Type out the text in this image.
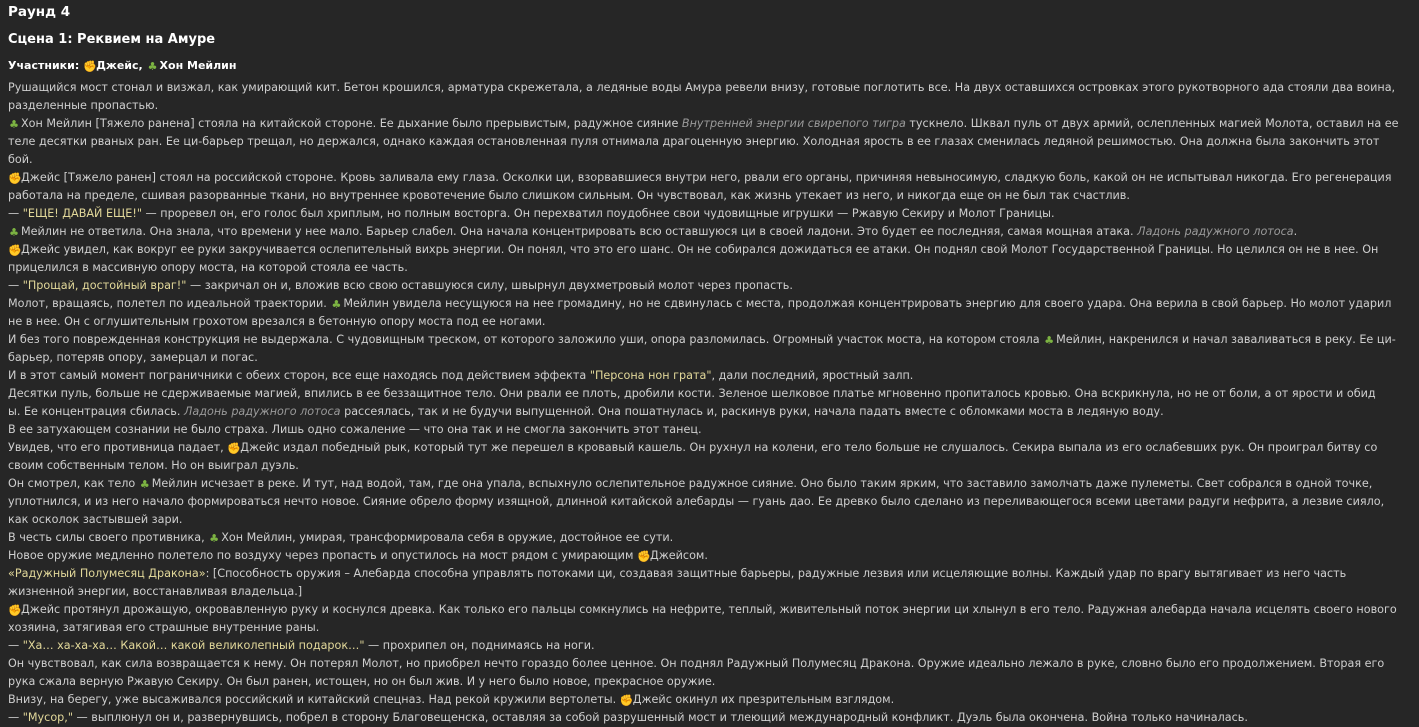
Раунд 4
Сцена 1: Реквием на Амуре
Участники: ✊Джейс, ♣ Хон Мейлин
Рушащийся мост стонал и визжал, как умирающий кит. Бетон крошился, арматура скрежетала, а ледяные воды Амура ревели внизу, готовые поглотить все. На двух оставшихся островках этого рукотворного ада стояли два воина, разделенные пропастью.
♣ Хон Мейлин [Тяжело ранена] стояла на китайской стороне. Ее дыхание было прерывистым, радужное сияние Внутренней энергии свирепого тигра тускнело. Шквал пуль от двух армий, ослепленных магией Молота, оставил на ее теле десятки рваных ран. Ее ци-барьер трещал, но держался, однако каждая остановленная пуля отнимала драгоценную энергию. Холодная ярость в ее глазах сменилась ледяной решимостью. Она должна была закончить этот бой.
✊Джейс [Тяжело ранен] стоял на российской стороне. Кровь заливала ему глаза. Осколки ци, взорвавшиеся внутри него, рвали его органы, причиняя невыносимую, сладкую боль, какой он не испытывал никогда. Его регенерация работала на пределе, сшивая разорванные ткани, но внутреннее кровотечение было слишком сильным. Он чувствовал, как жизнь утекает из него, и никогда еще он не был так счастлив.
— "ЕЩЕ! ДАВАЙ ЕЩЕ!" — проревел он, его голос был хриплым, но полным восторга. Он перехватил поудобнее свои чудовищные игрушки — Ржавую Секиру и Молот Границы.
♣ Мейлин не ответила. Она знала, что времени у нее мало. Барьер слабел. Она начала концентрировать всю оставшуюся ци в своей ладони. Это будет ее последняя, самая мощная атака. Ладонь радужного лотоса.
✊Джейс увидел, как вокруг ее руки закручивается ослепительный вихрь энергии. Он понял, что это его шанс. Он не собирался дожидаться ее атаки. Он поднял свой Молот Государственной Границы. Но целился он не в нее. Он прицелился в массивную опору моста, на которой стояла ее часть.
— "Прощай, достойный враг!" — закричал он и, вложив всю свою оставшуюся силу, швырнул двухметровый молот через пропасть.
Молот, вращаясь, полетел по идеальной траектории. ♣ Мейлин увидела несущуюся на нее громадину, но не сдвинулась с места, продолжая концентрировать энергию для своего удара. Она верила в свой барьер. Но молот ударил не в нее. Он с оглушительным грохотом врезался в бетонную опору моста под ее ногами.
И без того поврежденная конструкция не выдержала. С чудовищным треском, от которого заложило уши, опора разломилась. Огромный участок моста, на котором стояла ♣ Мейлин, накренился и начал заваливаться в реку. Ее ци-барьер, потеряв опору, замерцал и погас.
И в этот самый момент пограничники с обеих сторон, все еще находясь под действием эффекта "Персона нон грата", дали последний, яростный залп.
Десятки пуль, больше не сдерживаемые магией, впились в ее беззащитное тело. Они рвали ее плоть, дробили кости. Зеленое шелковое платье мгновенно пропиталось кровью. Она вскрикнула, но не от боли, а от ярости и обид
ы. Ее концентрация сбилась. Ладонь радужного лотоса рассеялась, так и не будучи выпущенной. Она пошатнулась и, раскинув руки, начала падать вместе с обломками моста в ледяную воду.
В ее затухающем сознании не было страха. Лишь одно сожаление — что она так и не смогла закончить этот танец.
Увидев, что его противница падает, ✊Джейс издал победный рык, который тут же перешел в кровавый кашель. Он рухнул на колени, его тело больше не слушалось. Секира выпала из его ослабевших рук. Он проиграл битву со своим собственным телом. Но он выиграл дуэль.
Он смотрел, как тело ♣ Мейлин исчезает в реке. И тут, над водой, там, где она упала, вспыхнуло ослепительное радужное сияние. Оно было таким ярким, что заставило замолчать даже пулеметы. Свет собрался в одной точке, уплотнился, и из него начало формироваться нечто новое. Сияние обрело форму изящной, длинной китайской алебарды — гуань дао. Ее древко было сделано из переливающегося всеми цветами радуги нефрита, а лезвие сияло, как осколок застывшей зари.
В честь силы своего противника, ♣ Хон Мейлин, умирая, трансформировала себя в оружие, достойное ее сути.
Новое оружие медленно полетело по воздуху через пропасть и опустилось на мост рядом с умирающим ✊Джейсом.
«Радужный Полумесяц Дракона»: [Способность оружия – Алебарда способна управлять потоками ци, создавая защитные барьеры, радужные лезвия или исцеляющие волны. Каждый удар по врагу вытягивает из него часть жизненной энергии, восстанавливая владельца.]
✊Джейс протянул дрожащую, окровавленную руку и коснулся древка. Как только его пальцы сомкнулись на нефрите, теплый, живительный поток энергии ци хлынул в его тело. Радужная алебарда начала исцелять своего нового хозяина, затягивая его страшные внутренние раны.
— "Ха… ха-ха-ха… Какой… какой великолепный подарок…" — прохрипел он, поднимаясь на ноги.
Он чувствовал, как сила возвращается к нему. Он потерял Молот, но приобрел нечто гораздо более ценное. Он поднял Радужный Полумесяц Дракона. Оружие идеально лежало в руке, словно было его продолжением. Вторая его рука сжала верную Ржавую Секиру. Он был ранен, истощен, но он был жив. И у него было новое, прекрасное оружие.
Внизу, на берегу, уже высаживался российский и китайский спецназ. Над рекой кружили вертолеты. ✊Джейс окинул их презрительным взглядом.
— "Мусор," — выплюнул он и, развернувшись, побрел в сторону Благовещенска, оставляя за собой разрушенный мост и тлеющий международный конфликт. Дуэль была окончена. Война только начиналась.
